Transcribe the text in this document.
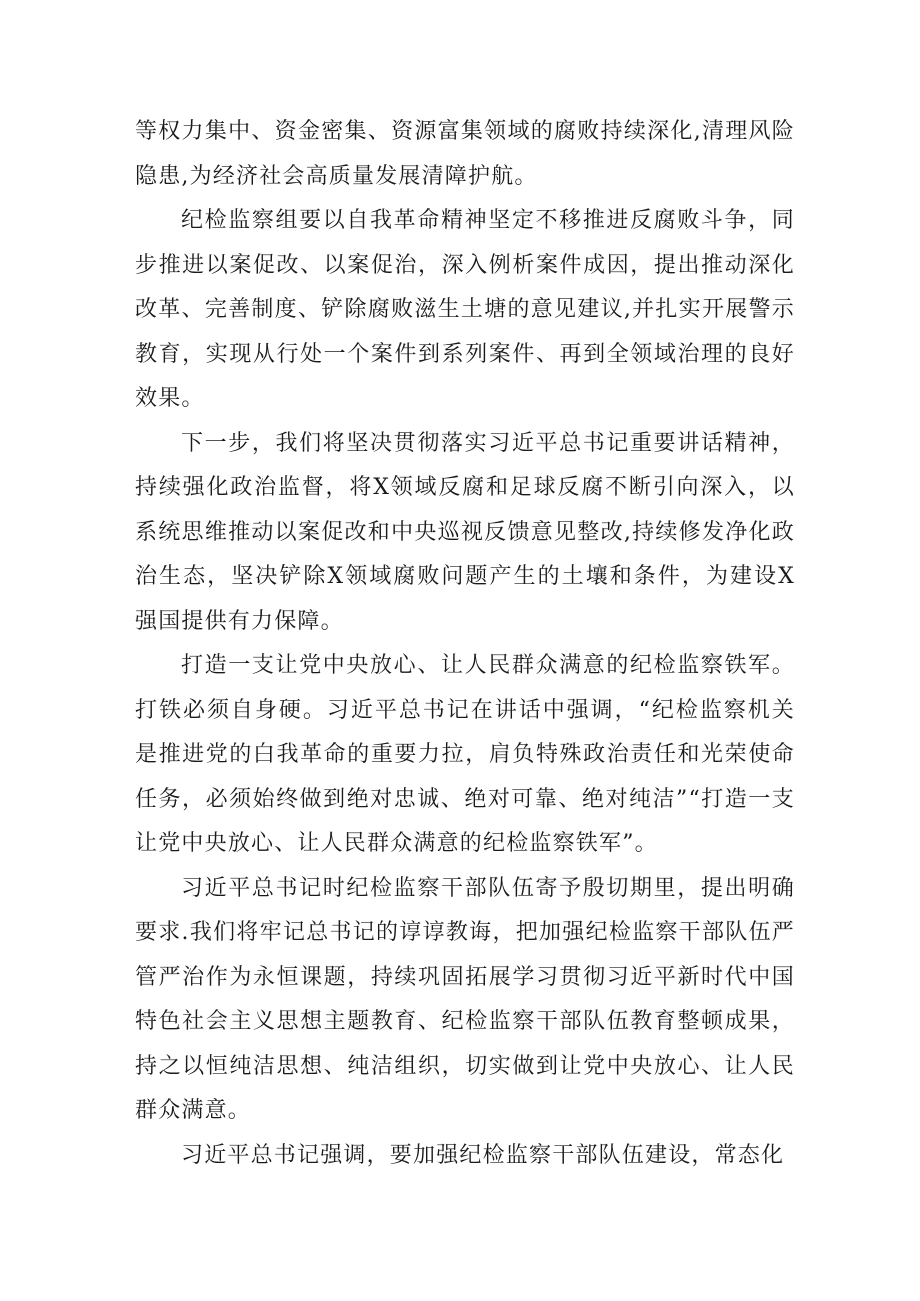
等权力集中、资金密集、资源富集领域的腐败持续深化,清理风险隐患,为经济社会高质量发展清障护航。

纪检监察组要以自我革命精神坚定不移推进反腐败斗争，同步推进以案促改、以案促治，深入例析案件成因，提出推动深化改革、完善制度、铲除腐败滋生土塘的意见建议,并扎实开展警示教育，实现从行处一个案件到系列案件、再到全领域治理的良好效果。

下一步，我们将坚决贯彻落实习近平总书记重要讲话精神，持续强化政治监督，将X领域反腐和足球反腐不断引向深入，以系统思维推动以案促改和中央巡视反馈意见整改,持续修发净化政治生态，坚决铲除X领域腐败问题产生的土壤和条件，为建设X强国提供有力保障。

打造一支让党中央放心、让人民群众满意的纪检监察铁军。打铁必须自身硬。习近平总书记在讲话中强调，“纪检监察机关是推进党的白我革命的重要力拉，肩负特殊政治责任和光荣使命任务，必须始终做到绝对忠诚、绝对可靠、绝对纯洁”“打造一支让党中央放心、让人民群众满意的纪检监察铁军”。

习近平总书记时纪检监察干部队伍寄予殷切期里，提出明确要求.我们将牢记总书记的谆谆教诲，把加强纪检监察干部队伍严管严治作为永恒课题，持续巩固拓展学习贯彻习近平新时代中国特色社会主义思想主题教育、纪检监察干部队伍教育整顿成果，持之以恒纯洁思想、纯洁组织，切实做到让党中央放心、让人民群众满意。

习近平总书记强调，要加强纪检监察干部队伍建设，常态化
